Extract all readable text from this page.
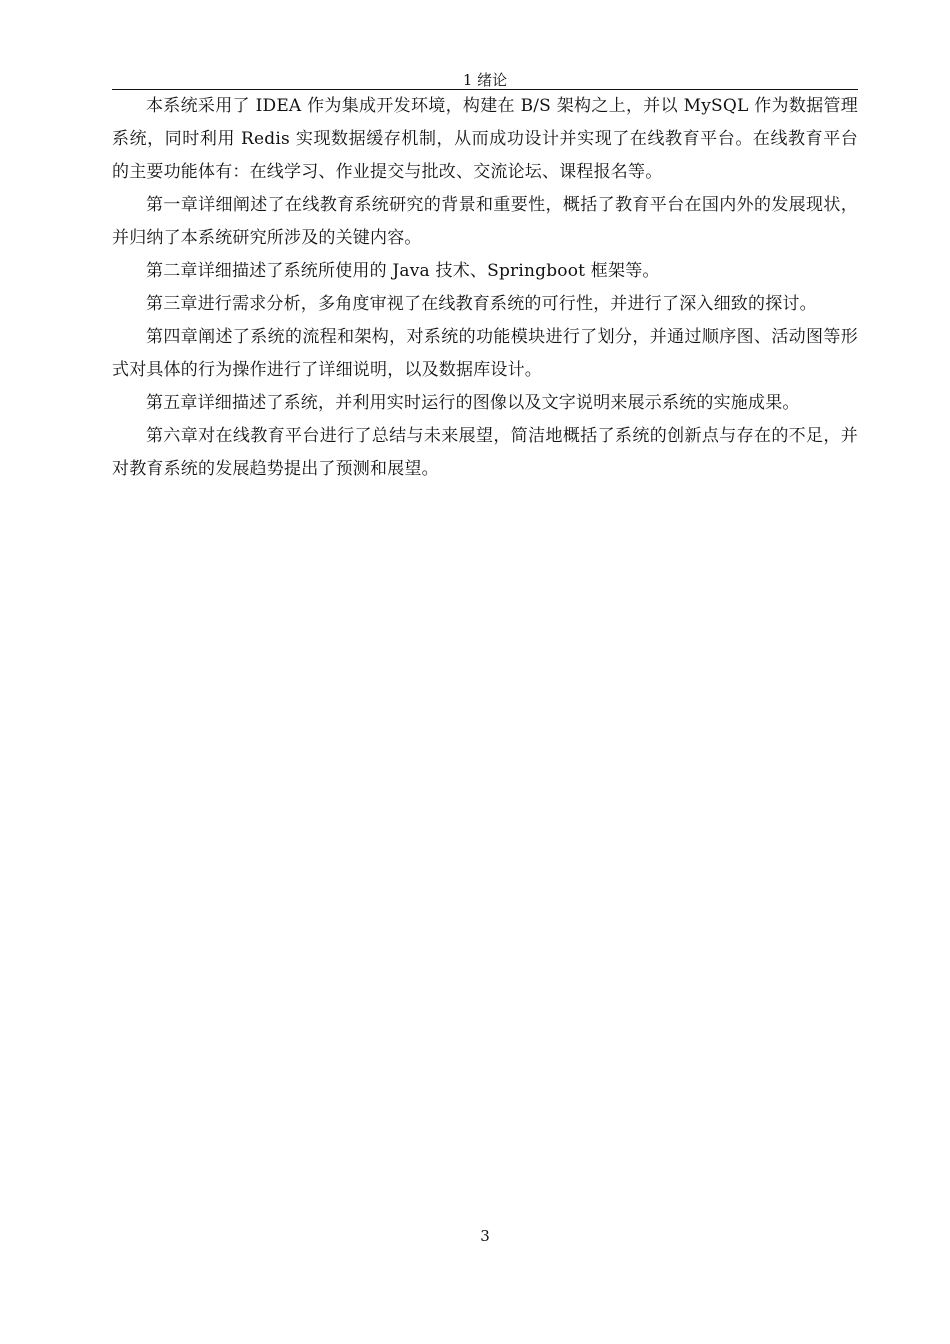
1 绪论

本系统采用了 IDEA 作为集成开发环境，构建在 B/S 架构之上，并以 MySQL 作为数据管理系统，同时利用 Redis 实现数据缓存机制，从而成功设计并实现了在线教育平台。在线教育平台的主要功能体有：在线学习、作业提交与批改、交流论坛、课程报名等。

第一章详细阐述了在线教育系统研究的背景和重要性，概括了教育平台在国内外的发展现状，并归纳了本系统研究所涉及的关键内容。

第二章详细描述了系统所使用的 Java 技术、Springboot 框架等。

第三章进行需求分析，多角度审视了在线教育系统的可行性，并进行了深入细致的探讨。

第四章阐述了系统的流程和架构，对系统的功能模块进行了划分，并通过顺序图、活动图等形式对具体的行为操作进行了详细说明，以及数据库设计。

第五章详细描述了系统，并利用实时运行的图像以及文字说明来展示系统的实施成果。

第六章对在线教育平台进行了总结与未来展望，简洁地概括了系统的创新点与存在的不足，并对教育系统的发展趋势提出了预测和展望。

3
